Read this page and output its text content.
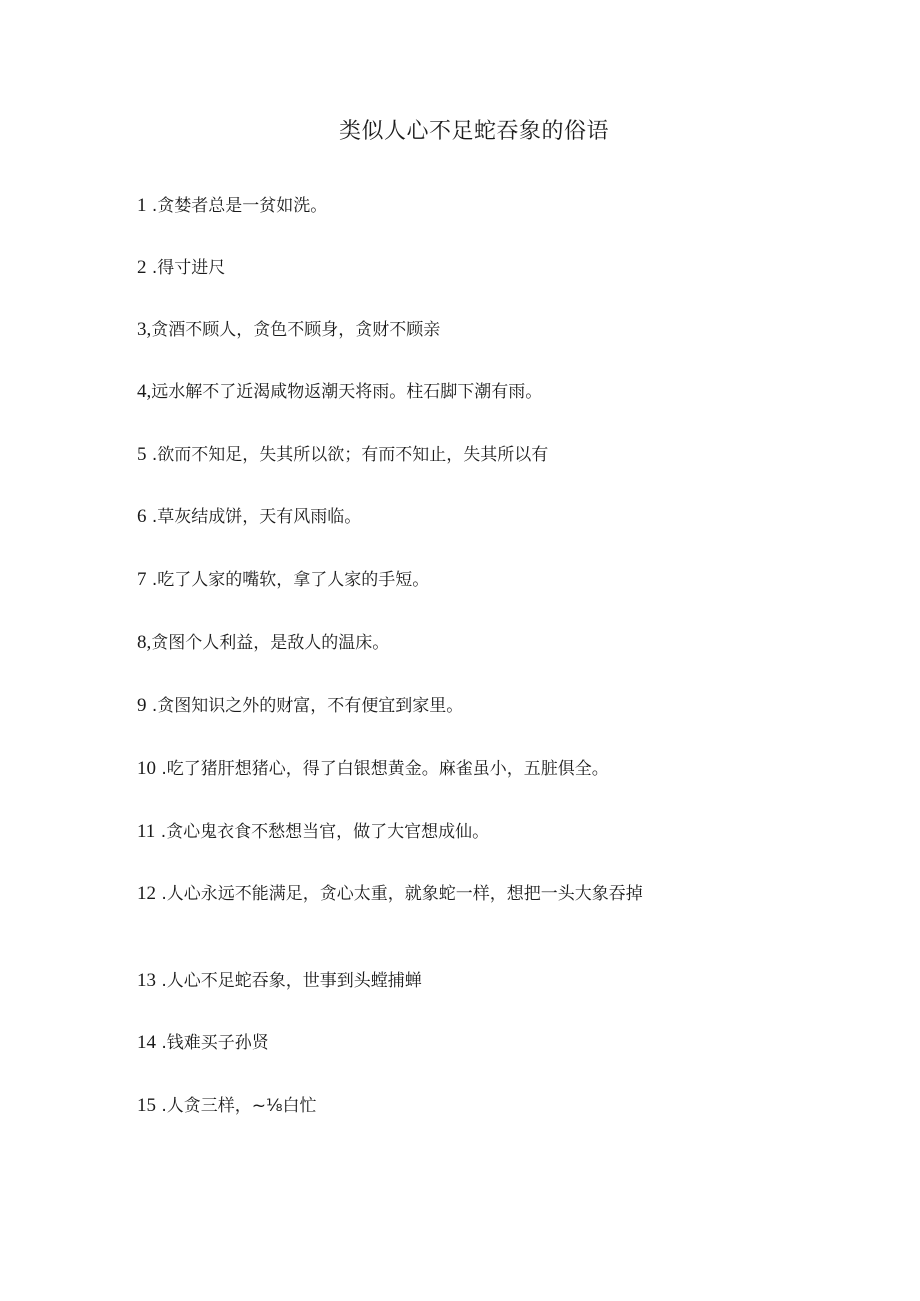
类似人心不足蛇吞象的俗语
1 .贪婪者总是一贫如洗。
2 .得寸进尺
3,贪酒不顾人，贪色不顾身，贪财不顾亲
4,远水解不了近渴咸物返潮天将雨。柱石脚下潮有雨。
5 .欲而不知足，失其所以欲；有而不知止，失其所以有
6 .草灰结成饼，天有风雨临。
7 .吃了人家的嘴软，拿了人家的手短。
8,贪图个人利益，是敌人的温床。
9 .贪图知识之外的财富，不有便宜到家里。
10 .吃了猪肝想猪心，得了白银想黄金。麻雀虽小，五脏俱全。
11 .贪心鬼衣食不愁想当官，做了大官想成仙。
12 .人心永远不能满足，贪心太重，就象蛇一样，想把一头大象吞掉
13 .人心不足蛇吞象，世事到头螳捕蝉
14 .钱难买子孙贤
15 .人贪三样，~⅛白忙
